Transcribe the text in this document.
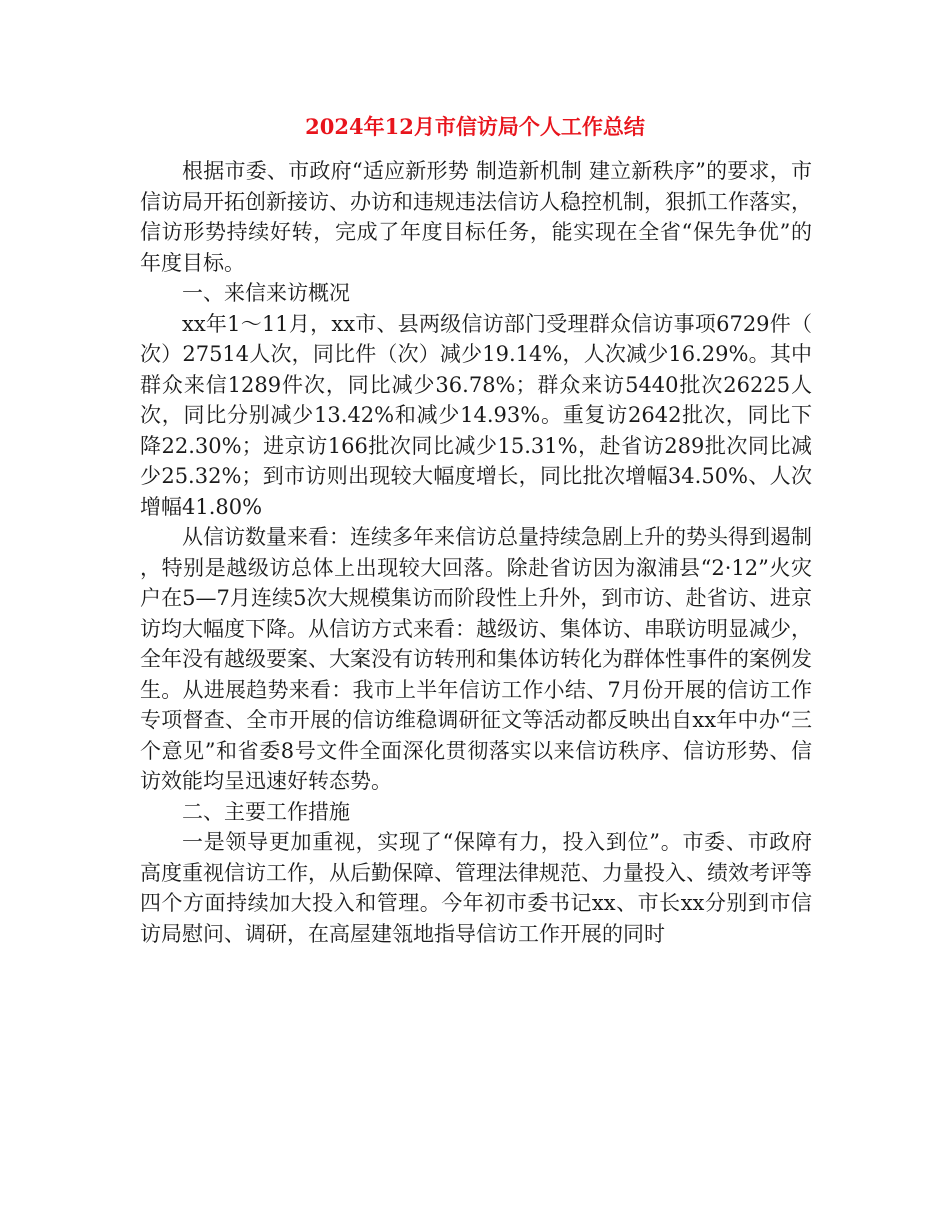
2024年12月市信访局个人工作总结

根据市委、市政府“适应新形势 制造新机制 建立新秩序”的要求，市信访局开拓创新接访、办访和违规违法信访人稳控机制，狠抓工作落实，信访形势持续好转，完成了年度目标任务，能实现在全省“保先争优”的年度目标。

一、来信来访概况

xx年1～11月，xx市、县两级信访部门受理群众信访事项6729件（次）27514人次，同比件（次）减少19.14%，人次减少16.29%。其中群众来信1289件次，同比减少36.78%；群众来访5440批次26225人次，同比分别减少13.42%和减少14.93%。重复访2642批次，同比下降22.30%；进京访166批次同比减少15.31%，赴省访289批次同比减少25.32%；到市访则出现较大幅度增长，同比批次增幅34.50%、人次增幅41.80%

从信访数量来看：连续多年来信访总量持续急剧上升的势头得到遏制，特别是越级访总体上出现较大回落。除赴省访因为溆浦县“2·12”火灾户在5—7月连续5次大规模集访而阶段性上升外，到市访、赴省访、进京访均大幅度下降。从信访方式来看：越级访、集体访、串联访明显减少，全年没有越级要案、大案没有访转刑和集体访转化为群体性事件的案例发生。从进展趋势来看：我市上半年信访工作小结、7月份开展的信访工作专项督查、全市开展的信访维稳调研征文等活动都反映出自xx年中办“三个意见”和省委8号文件全面深化贯彻落实以来信访秩序、信访形势、信访效能均呈迅速好转态势。

二、主要工作措施

一是领导更加重视，实现了“保障有力，投入到位”。市委、市政府高度重视信访工作，从后勤保障、管理法律规范、力量投入、绩效考评等四个方面持续加大投入和管理。今年初市委书记xx、市长xx分别到市信访局慰问、调研，在高屋建瓴地指导信访工作开展的同时
